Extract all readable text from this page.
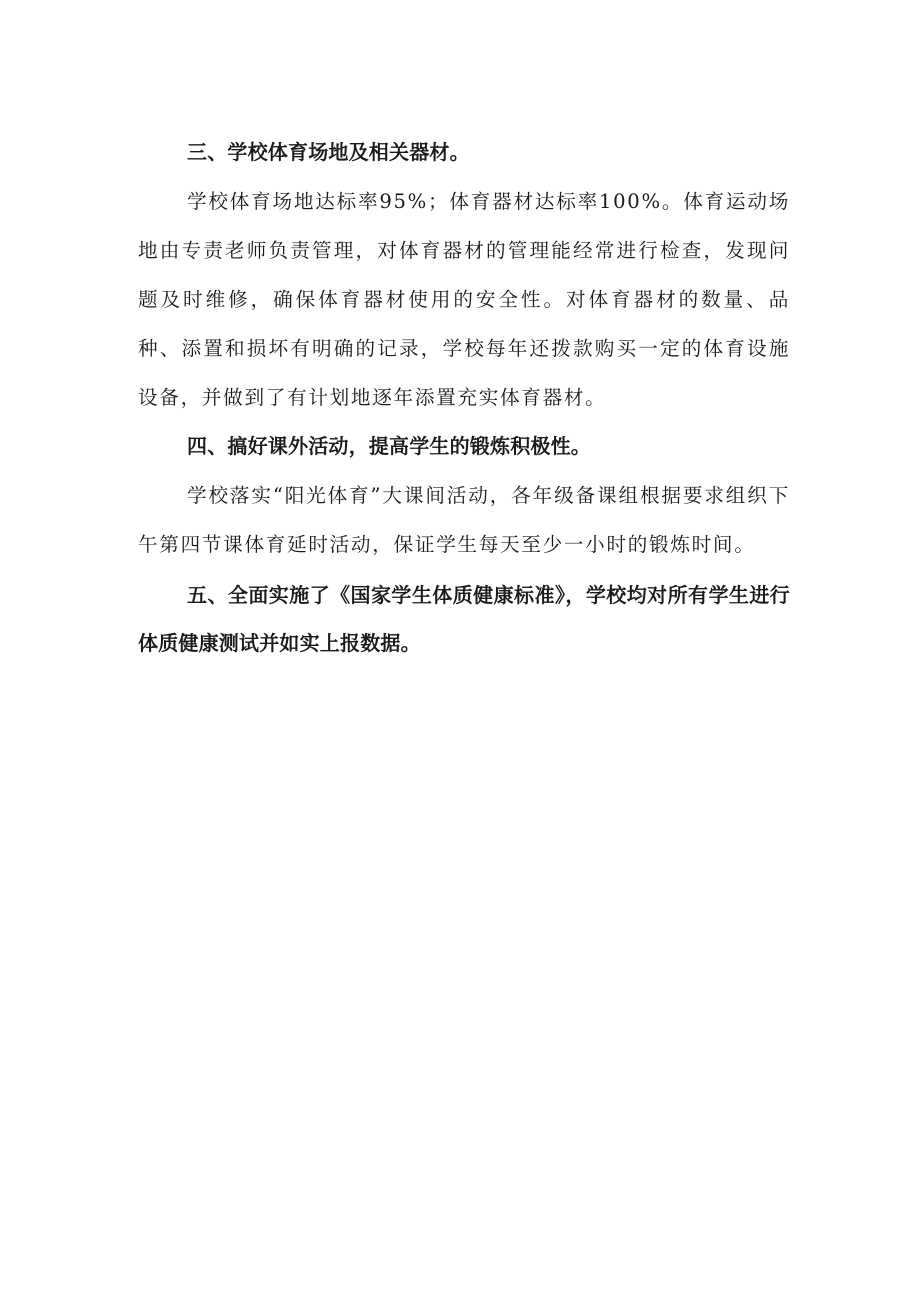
三、学校体育场地及相关器材。

学校体育场地达标率95%；体育器材达标率100%。体育运动场地由专责老师负责管理，对体育器材的管理能经常进行检查，发现问题及时维修，确保体育器材使用的安全性。对体育器材的数量、品种、添置和损坏有明确的记录，学校每年还拨款购买一定的体育设施设备，并做到了有计划地逐年添置充实体育器材。

四、搞好课外活动，提高学生的锻炼积极性。

学校落实“阳光体育”大课间活动，各年级备课组根据要求组织下午第四节课体育延时活动，保证学生每天至少一小时的锻炼时间。

五、全面实施了《国家学生体质健康标准》，学校均对所有学生进行体质健康测试并如实上报数据。
